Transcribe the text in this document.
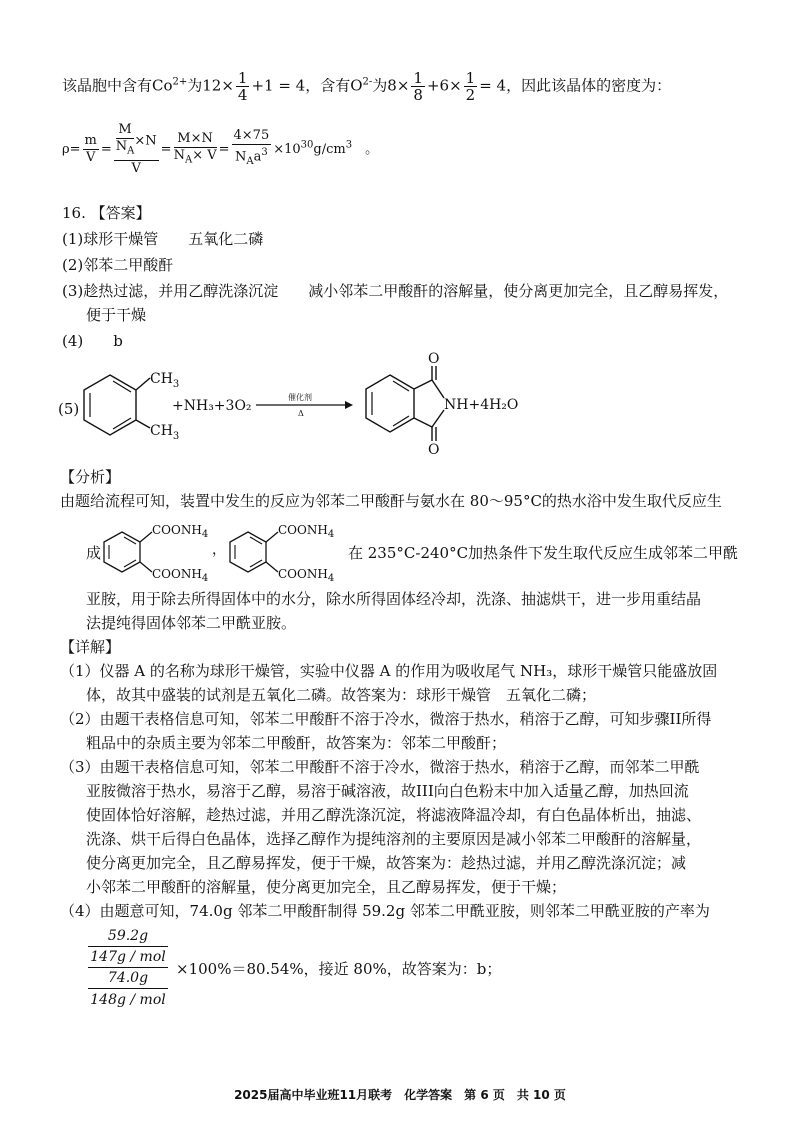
该晶胞中含有$Co^{2+}$为$12\times \frac{1}{4} +1 = 4$，含有$O^{2-}$为$8\times \frac{1}{8} +6\times \frac{1}{2} = 4$，因此该晶体的密度为：
$\rho= \frac{m}{V} = \frac{\frac{M}{N_A} \times N}{V} = \frac{M\times N}{N_A\times V} = \frac{4\times 75}{N_Aa^3} \times 10^{30}g/cm^3$　 。
16. 【答案】
(1)球形干燥管　　五氧化二磷
(2)邻苯二甲酸酐
(3)趁热过滤，并用乙醇洗涤沉淀　　减小邻苯二甲酸酐的溶解量，使分离更加完全，且乙醇易挥发，
便于干燥
(4)　　 b
(5)
$CH_3$
$CH_3$
+NH₃+3O₂
催化剂
Δ
O
O
NH+4H₂O
【分析】
由题给流程可知，装置中发生的反应为邻苯二甲酸酐与氨水在 80～95°C的热水浴中发生取代反应生
成
$COONH_4$
$COONH_4$
，
$COONH_4$
$COONH_4$
在 235°C-240°C加热条件下发生取代反应生成邻苯二甲酰
亚胺，用于除去所得固体中的水分，除水所得固体经冷却，洗涤、抽滤烘干，进一步用重结晶
法提纯得固体邻苯二甲酰亚胺。
【详解】
（1）仪器 A 的名称为球形干燥管，实验中仪器 A 的作用为吸收尾气 NH₃，球形干燥管只能盛放固
体，故其中盛装的试剂是五氧化二磷。故答案为：球形干燥管　五氧化二磷；
（2）由题干表格信息可知，邻苯二甲酸酐不溶于冷水，微溶于热水，稍溶于乙醇，可知步骤II所得
粗品中的杂质主要为邻苯二甲酸酐，故答案为：邻苯二甲酸酐；
（3）由题干表格信息可知，邻苯二甲酸酐不溶于冷水，微溶于热水，稍溶于乙醇，而邻苯二甲酰
亚胺微溶于热水，易溶于乙醇，易溶于碱溶液，故III向白色粉末中加入适量乙醇，加热回流
使固体恰好溶解，趁热过滤，并用乙醇洗涤沉淀，将滤液降温冷却，有白色晶体析出，抽滤、
洗涤、烘干后得白色晶体，选择乙醇作为提纯溶剂的主要原因是减小邻苯二甲酸酐的溶解量，
使分离更加完全，且乙醇易挥发，便于干燥，故答案为：趁热过滤，并用乙醇洗涤沉淀；减
小邻苯二甲酸酐的溶解量，使分离更加完全，且乙醇易挥发，便于干燥；
（4）由题意可知，74.0g 邻苯二甲酸酐制得 59.2g 邻苯二甲酰亚胺，则邻苯二甲酰亚胺的产率为
59.2g
147g / mol
74.0g
148g / mol
×100%＝80.54%，接近 80%，故答案为：b；
2025届高中毕业班11月联考　化学答案　第 6 页　共 10 页
